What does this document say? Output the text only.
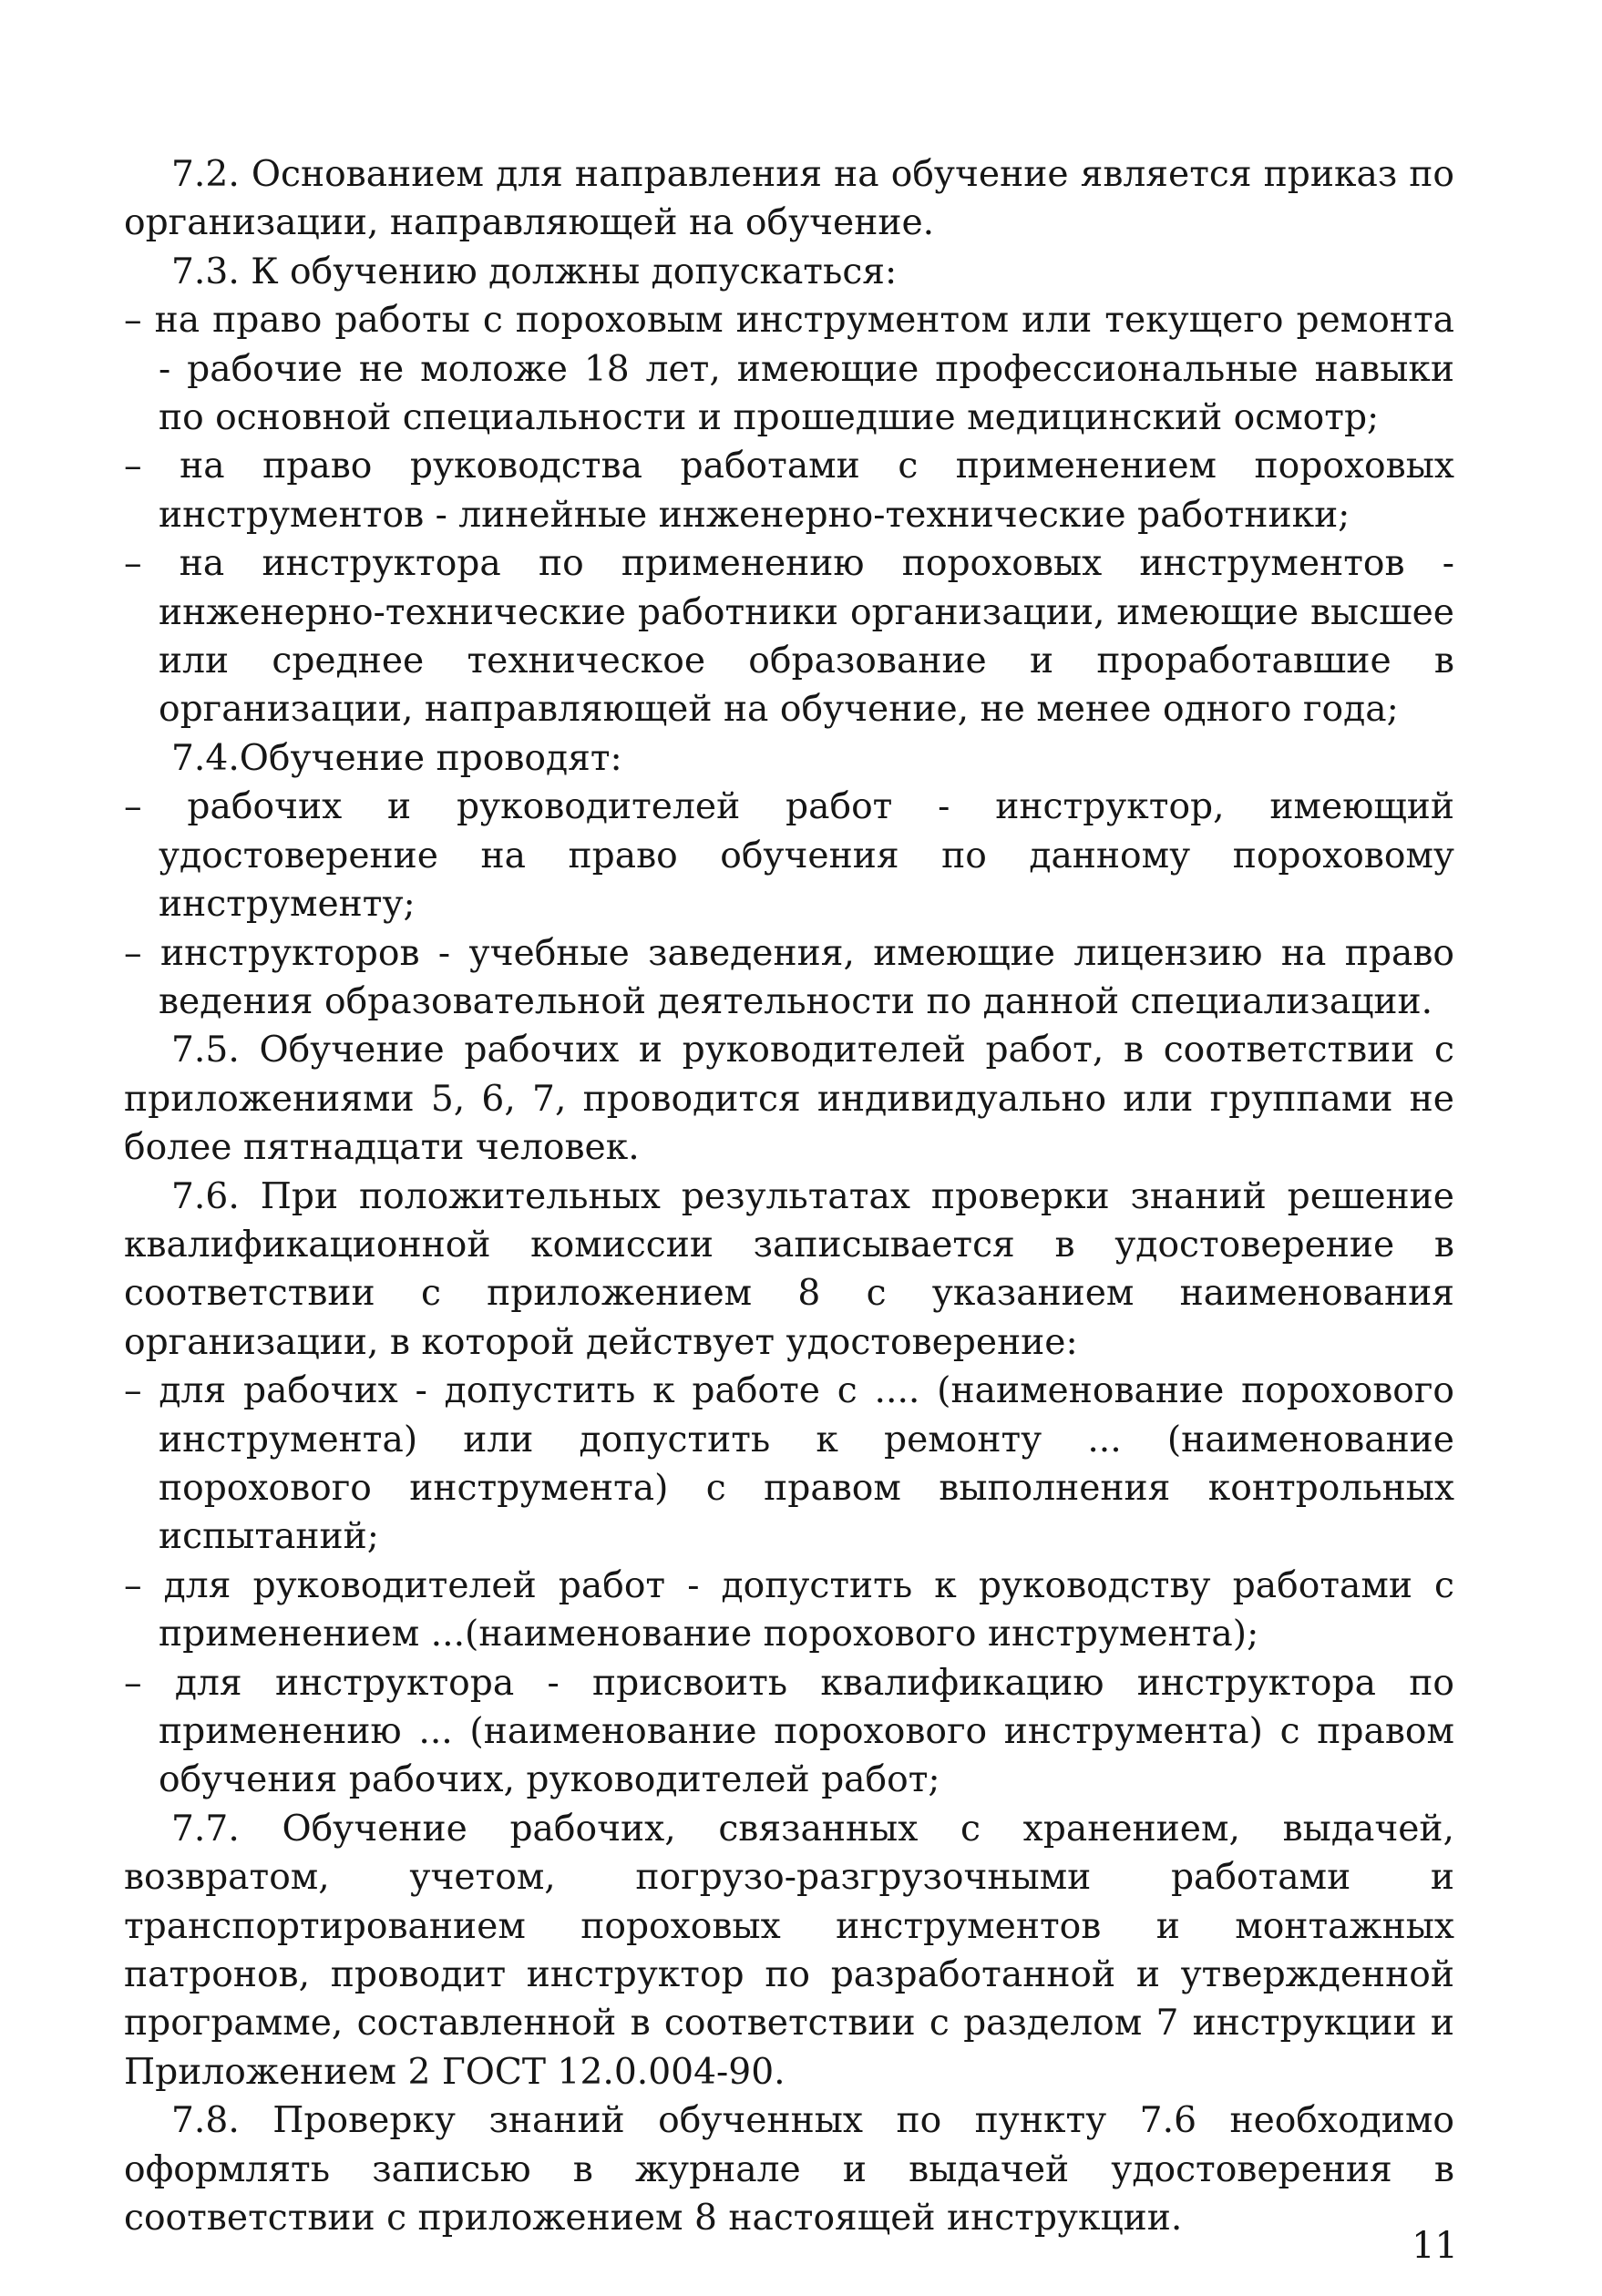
7.2. Основанием для направления на обучение является приказ по организации, направляющей на обучение.

7.3. К обучению должны допускаться:

– на право работы с пороховым инструментом или текущего ремонта - рабочие не моложе 18 лет, имеющие профессиональные навыки по основной специальности и прошедшие медицинский осмотр;

– на право руководства работами с применением пороховых инструментов - линейные инженерно-технические работники;

– на инструктора по применению пороховых инструментов - инженерно-технические работники организации, имеющие высшее или среднее техническое образование и проработавшие в организации, направляющей на обучение, не менее одного года;

7.4.Обучение проводят:

– рабочих и руководителей работ - инструктор, имеющий удостоверение на право обучения по данному пороховому инструменту;

– инструкторов - учебные заведения, имеющие лицензию на право ведения образовательной деятельности по данной специализации.

7.5. Обучение рабочих и руководителей работ, в соответствии с приложениями 5, 6, 7, проводится индивидуально или группами не более пятнадцати человек.

7.6. При положительных результатах проверки знаний решение квалификационной комиссии записывается в удостоверение в соответствии с приложением 8 с указанием наименования организации, в которой действует удостоверение:

– для рабочих - допустить к работе с .... (наименование порохового инструмента) или допустить к ремонту ... (наименование порохового инструмента) с правом выполнения контрольных испытаний;

– для руководителей работ - допустить к руководству работами с применением ...(наименование порохового инструмента);

– для инструктора - присвоить квалификацию инструктора по применению ... (наименование порохового инструмента) с правом обучения рабочих, руководителей работ;

7.7. Обучение рабочих, связанных с хранением, выдачей, возвратом, учетом, погрузо-разгрузочными работами и транспортированием пороховых инструментов и монтажных патронов, проводит инструктор по разработанной и утвержденной программе, составленной в соответствии с разделом 7 инструкции и Приложением 2 ГОСТ 12.0.004-90.

7.8. Проверку знаний обученных по пункту 7.6 необходимо оформлять записью в журнале и выдачей удостоверения в соответствии с приложением 8 настоящей инструкции.

11
